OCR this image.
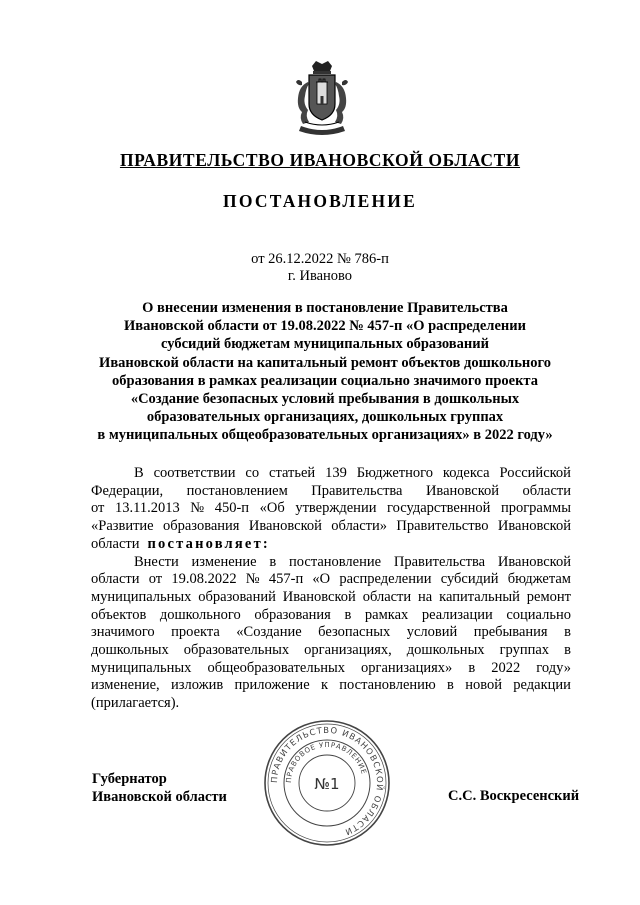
ПРАВИТЕЛЬСТВО ИВАНОВСКОЙ ОБЛАСТИ
ПОСТАНОВЛЕНИЕ
от 26.12.2022 № 786-п
г. Иваново
О внесении изменения в постановление Правительства
Ивановской области от 19.08.2022 № 457-п «О распределении
субсидий бюджетам муниципальных образований
Ивановской области на капитальный ремонт объектов дошкольного
образования в рамках реализации социально значимого проекта
«Создание безопасных условий пребывания в дошкольных
образовательных организациях, дошкольных группах
в муниципальных общеобразовательных организациях» в 2022 году»
В соответствии со статьей 139 Бюджетного кодекса Российской
Федерации, постановлением Правительства Ивановской области
от 13.11.2013 № 450-п «Об утверждении государственной программы
«Развитие образования Ивановской области» Правительство Ивановской
области постановляет:
Внести изменение в постановление Правительства Ивановской
области от 19.08.2022 № 457-п «О распределении субсидий бюджетам
муниципальных образований Ивановской области на капитальный ремонт
объектов дошкольного образования в рамках реализации социально
значимого проекта «Создание безопасных условий пребывания в
дошкольных образовательных организациях, дошкольных группах в
муниципальных общеобразовательных организациях» в 2022 году»
изменение, изложив приложение к постановлению в новой редакции
(прилагается).
Губернатор
Ивановской области
ПРАВИТЕЛЬСТВО ИВАНОВСКОЙ ОБЛАСТИ
ПРАВОВОЕ УПРАВЛЕНИЕ
№1
С.С. Воскресенский
